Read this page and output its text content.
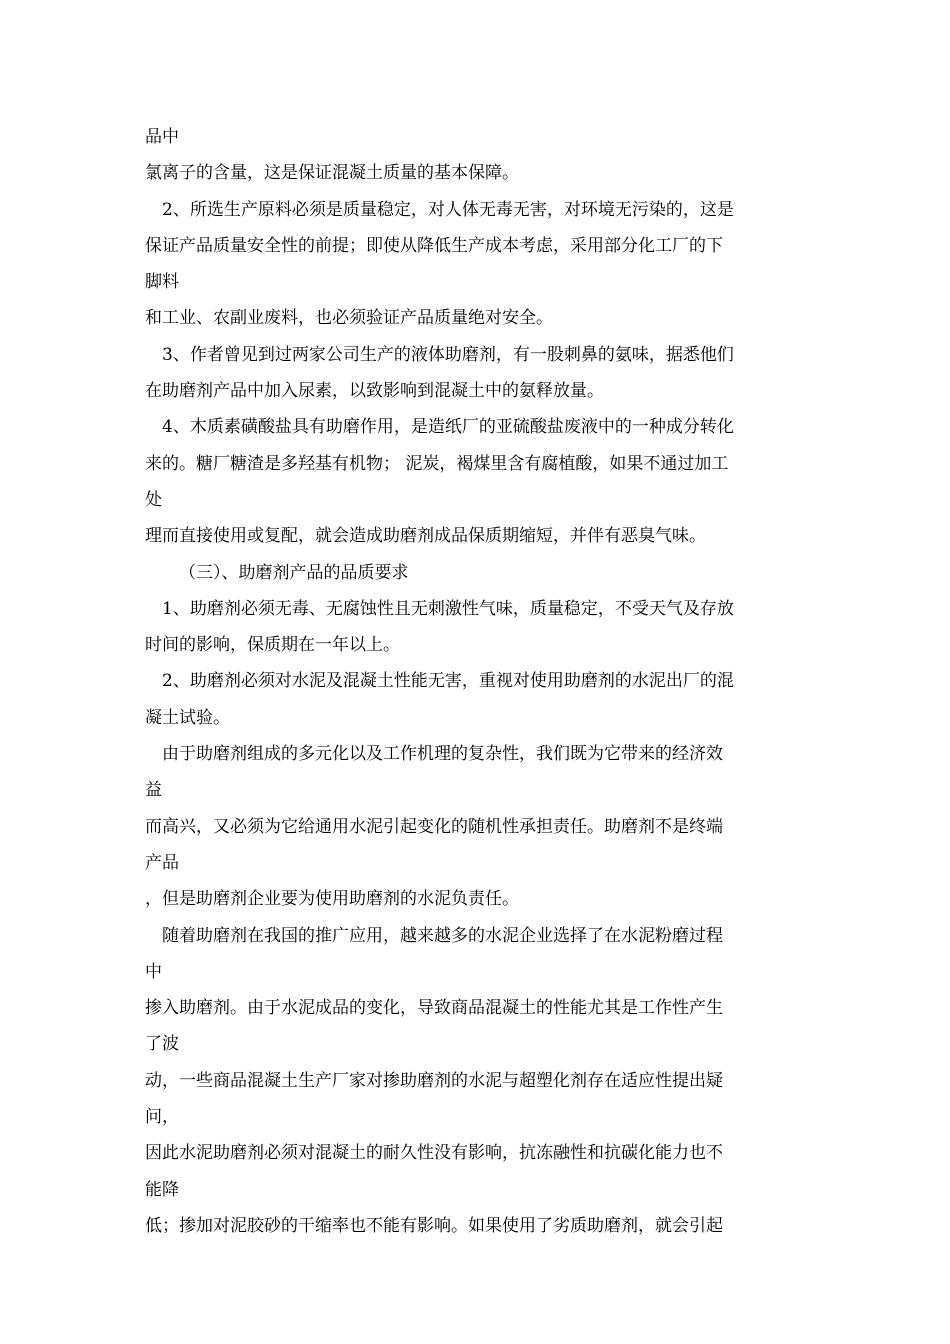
品中
氯离子的含量，这是保证混凝土质量的基本保障。
2、所选生产原料必须是质量稳定，对人体无毒无害，对环境无污染的，这是
保证产品质量安全性的前提；即使从降低生产成本考虑，采用部分化工厂的下
脚料
和工业、农副业废料，也必须验证产品质量绝对安全。
3、作者曾见到过两家公司生产的液体助磨剂，有一股刺鼻的氨味，据悉他们
在助磨剂产品中加入尿素，以致影响到混凝土中的氨释放量。
4、木质素磺酸盐具有助磨作用，是造纸厂的亚硫酸盐废液中的一种成分转化
来的。糖厂糖渣是多羟基有机物； 泥炭，褐煤里含有腐植酸，如果不通过加工
处
理而直接使用或复配，就会造成助磨剂成品保质期缩短，并伴有恶臭气味。
（三）、助磨剂产品的品质要求
1、助磨剂必须无毒、无腐蚀性且无刺激性气味，质量稳定，不受天气及存放
时间的影响，保质期在一年以上。
2、助磨剂必须对水泥及混凝土性能无害，重视对使用助磨剂的水泥出厂的混
凝土试验。
由于助磨剂组成的多元化以及工作机理的复杂性，我们既为它带来的经济效
益
而高兴，又必须为它给通用水泥引起变化的随机性承担责任。助磨剂不是终端
产品
，但是助磨剂企业要为使用助磨剂的水泥负责任。
随着助磨剂在我国的推广应用，越来越多的水泥企业选择了在水泥粉磨过程
中
掺入助磨剂。由于水泥成品的变化，导致商品混凝土的性能尤其是工作性产生
了波
动，一些商品混凝土生产厂家对掺助磨剂的水泥与超塑化剂存在适应性提出疑
问，
因此水泥助磨剂必须对混凝土的耐久性没有影响，抗冻融性和抗碳化能力也不
能降
低；掺加对泥胶砂的干缩率也不能有影响。如果使用了劣质助磨剂，就会引起
